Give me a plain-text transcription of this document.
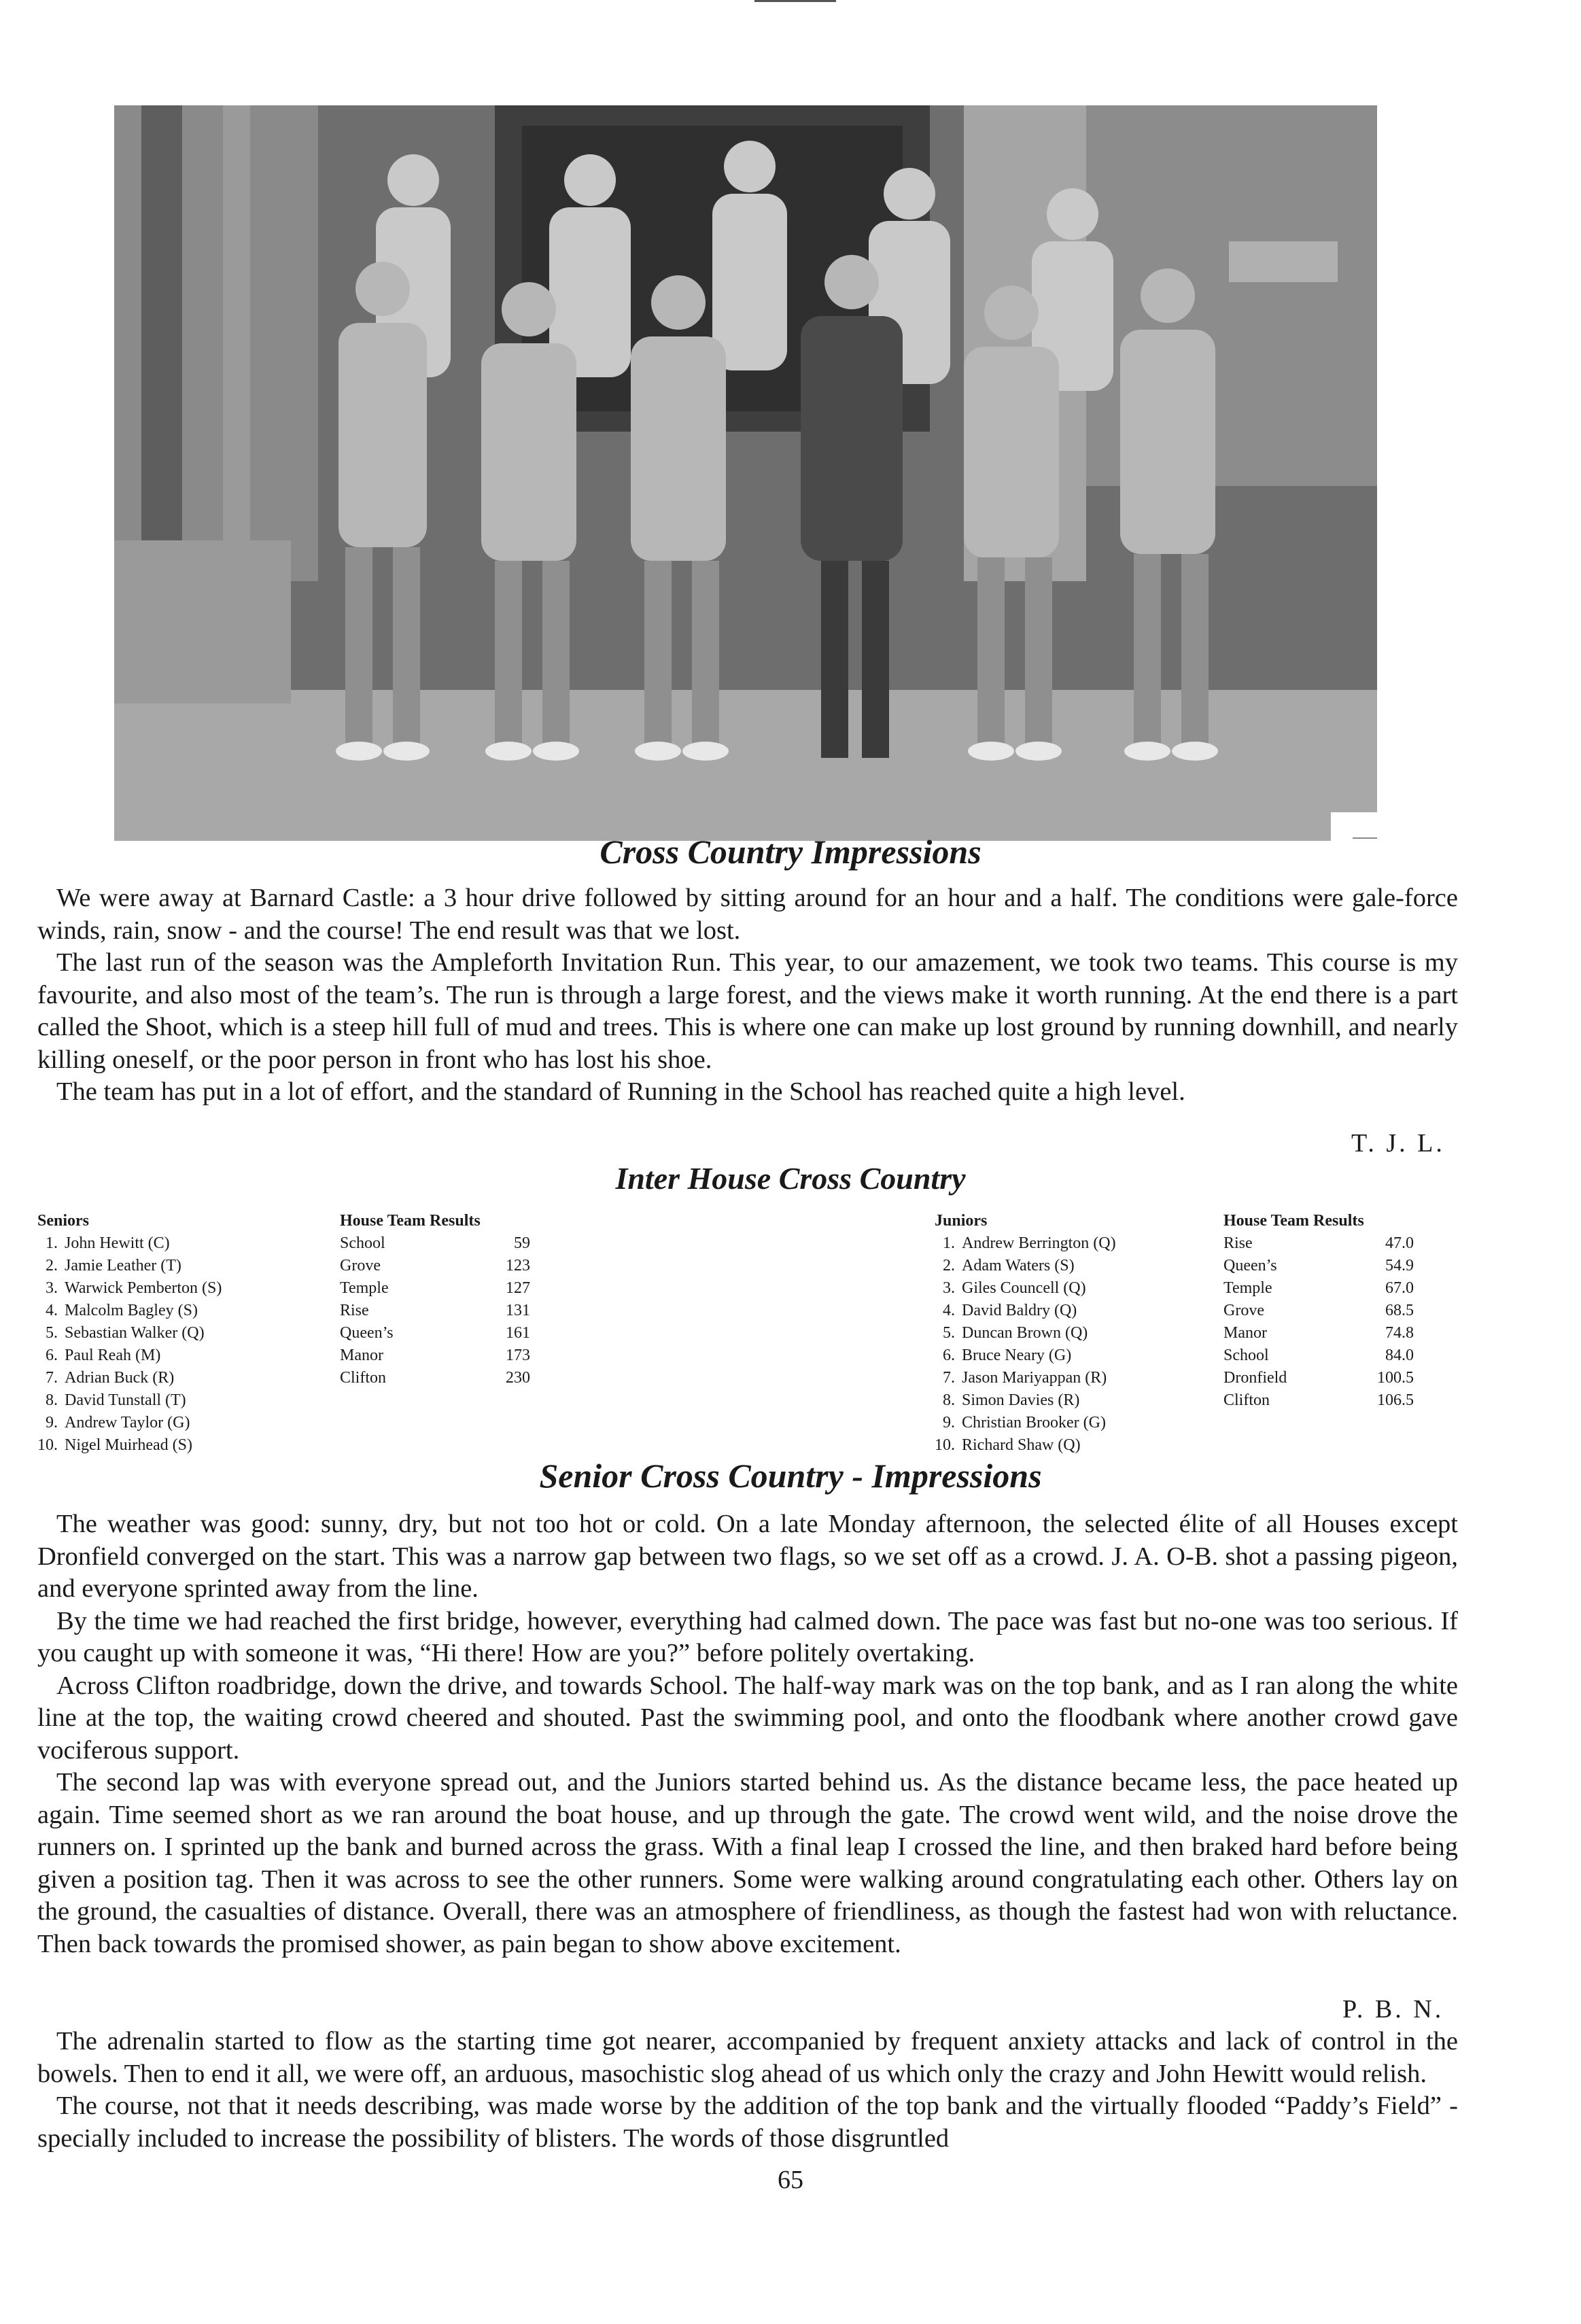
Cross Country Impressions

We were away at Barnard Castle: a 3 hour drive followed by sitting around for an hour and a half. The conditions were gale-force winds, rain, snow - and the course! The end result was that we lost.

The last run of the season was the Ampleforth Invitation Run. This year, to our amazement, we took two teams. This course is my favourite, and also most of the team’s. The run is through a large forest, and the views make it worth running. At the end there is a part called the Shoot, which is a steep hill full of mud and trees. This is where one can make up lost ground by running downhill, and nearly killing oneself, or the poor person in front who has lost his shoe.

The team has put in a lot of effort, and the standard of Running in the School has reached quite a high level.

T. J. L.
Inter House Cross Country
Seniors
1. John Hewitt (C)
2. Jamie Leather (T)
3. Warwick Pemberton (S)
4. Malcolm Bagley (S)
5. Sebastian Walker (Q)
6. Paul Reah (M)
7. Adrian Buck (R)
8. David Tunstall (T)
9. Andrew Taylor (G)
10. Nigel Muirhead (S)
House Team Results
School	59
Grove	123
Temple	127
Rise	131
Queen’s	161
Manor	173
Clifton	230
Juniors
1. Andrew Berrington (Q)
2. Adam Waters (S)
3. Giles Councell (Q)
4. David Baldry (Q)
5. Duncan Brown (Q)
6. Bruce Neary (G)
7. Jason Mariyappan (R)
8. Simon Davies (R)
9. Christian Brooker (G)
10. Richard Shaw (Q)
House Team Results
Rise	47.0
Queen’s	54.9
Temple	67.0
Grove	68.5
Manor	74.8
School	84.0
Dronfield	100.5
Clifton	106.5
Senior Cross Country - Impressions

The weather was good: sunny, dry, but not too hot or cold. On a late Monday afternoon, the selected élite of all Houses except Dronfield converged on the start. This was a narrow gap between two flags, so we set off as a crowd. J. A. O-B. shot a passing pigeon, and everyone sprinted away from the line.

By the time we had reached the first bridge, however, everything had calmed down. The pace was fast but no-one was too serious. If you caught up with someone it was, “Hi there! How are you?” before politely overtaking.

Across Clifton roadbridge, down the drive, and towards School. The half-way mark was on the top bank, and as I ran along the white line at the top, the waiting crowd cheered and shouted. Past the swimming pool, and onto the floodbank where another crowd gave vociferous support.

The second lap was with everyone spread out, and the Juniors started behind us. As the distance became less, the pace heated up again. Time seemed short as we ran around the boat house, and up through the gate. The crowd went wild, and the noise drove the runners on. I sprinted up the bank and burned across the grass. With a final leap I crossed the line, and then braked hard before being given a position tag. Then it was across to see the other runners. Some were walking around congratulating each other. Others lay on the ground, the casualties of distance. Overall, there was an atmosphere of friendliness, as though the fastest had won with reluctance. Then back towards the promised shower, as pain began to show above excitement.

P. B. N.

The adrenalin started to flow as the starting time got nearer, accompanied by frequent anxiety attacks and lack of control in the bowels. Then to end it all, we were off, an arduous, masochistic slog ahead of us which only the crazy and John Hewitt would relish.

The course, not that it needs describing, was made worse by the addition of the top bank and the virtually flooded “Paddy’s Field” - specially included to increase the possibility of blisters. The words of those disgruntled

65
